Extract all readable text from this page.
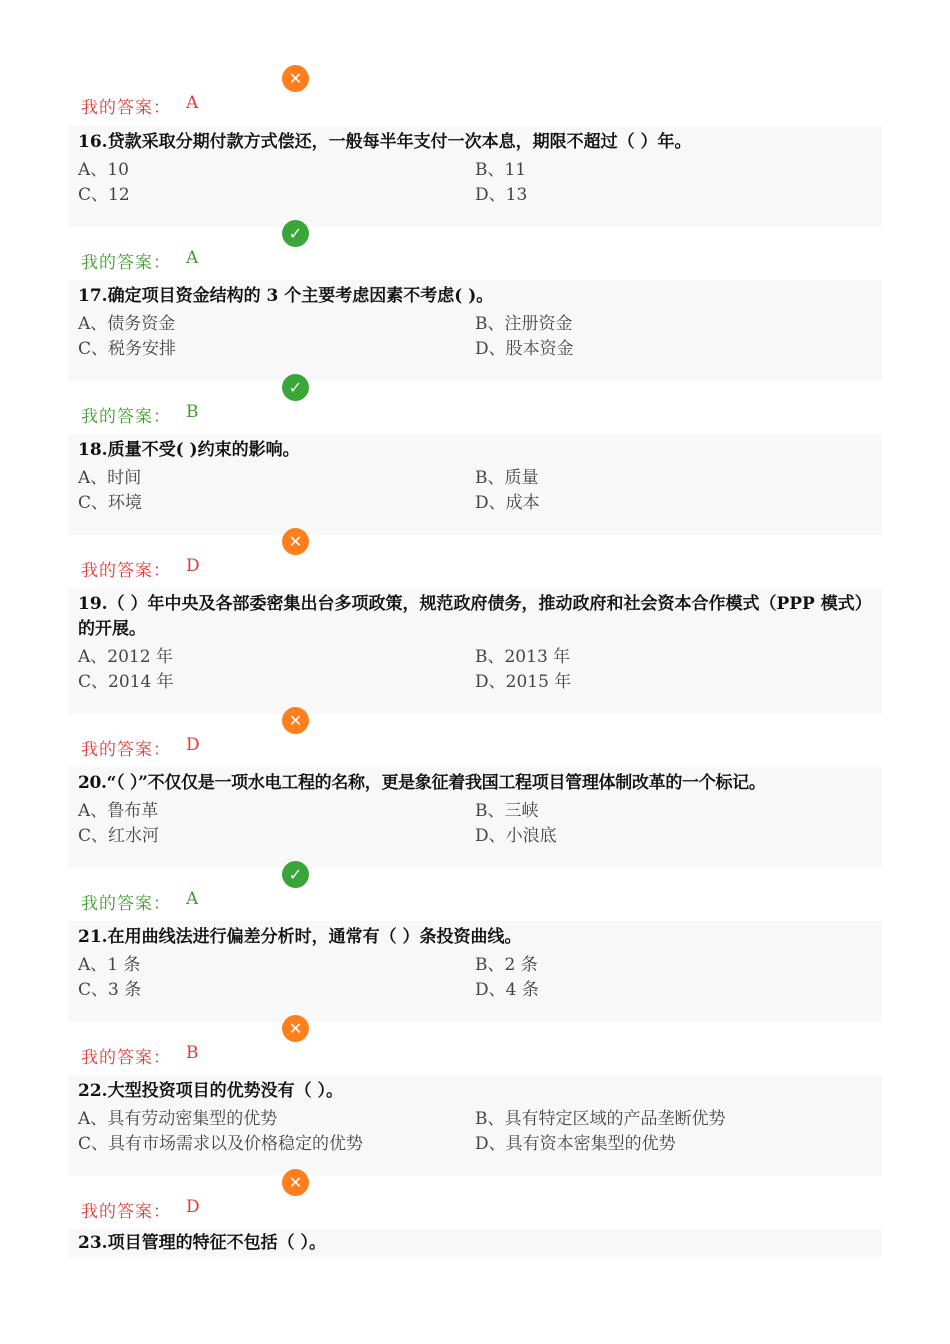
我的答案： A
✕
16.贷款采取分期付款方式偿还，一般每半年支付一次本息，期限不超过（ ）年。
A、10	B、11
C、12	D、13
我的答案： A
✓
17.确定项目资金结构的 3 个主要考虑因素不考虑( )。
A、债务资金	B、注册资金
C、税务安排	D、股本资金
我的答案： B
✓
18.质量不受( )约束的影响。
A、时间	B、质量
C、环境	D、成本
我的答案： D
✕
19.（ ）年中央及各部委密集出台多项政策，规范政府债务，推动政府和社会资本合作模式（PPP 模式）的开展。
A、2012 年	B、2013 年
C、2014 年	D、2015 年
我的答案： D
✕
20.“（ ）”不仅仅是一项水电工程的名称，更是象征着我国工程项目管理体制改革的一个标记。
A、鲁布革	B、三峡
C、红水河	D、小浪底
我的答案： A
✓
21.在用曲线法进行偏差分析时，通常有（ ）条投资曲线。
A、1 条	B、2 条
C、3 条	D、4 条
我的答案： B
✕
22.大型投资项目的优势没有（ ）。
A、具有劳动密集型的优势	B、具有特定区域的产品垄断优势
C、具有市场需求以及价格稳定的优势	D、具有资本密集型的优势
我的答案： D
✕
23.项目管理的特征不包括（ ）。
